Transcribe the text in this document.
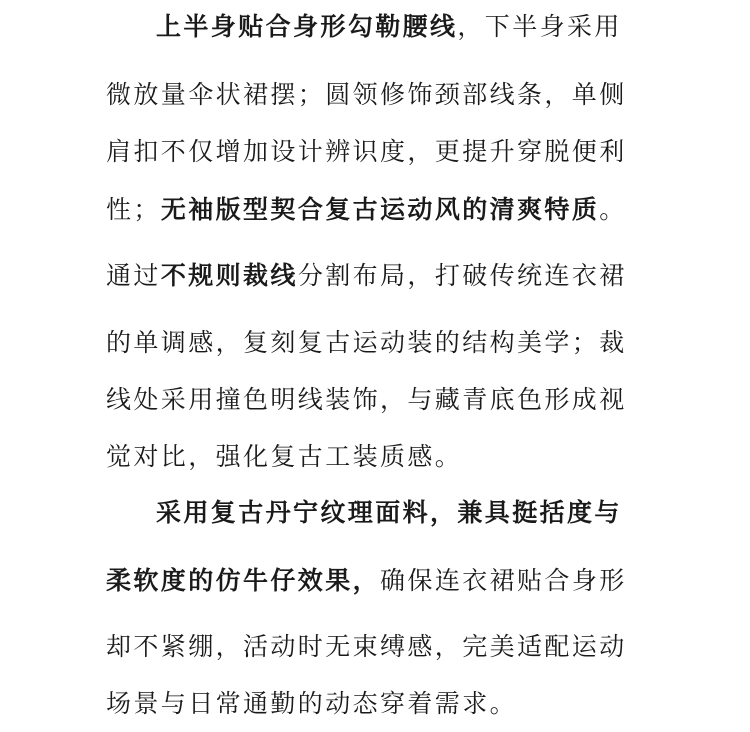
上半身贴合身形勾勒腰线，下半身采用
微放量伞状裙摆；圆领修饰颈部线条，单侧
肩扣不仅增加设计辨识度，更提升穿脱便利
性；无袖版型契合复古运动风的清爽特质。
通过不规则裁线分割布局，打破传统连衣裙
的单调感，复刻复古运动装的结构美学；裁
线处采用撞色明线装饰，与藏青底色形成视
觉对比，强化复古工装质感。
采用复古丹宁纹理面料，兼具挺括度与
柔软度的仿牛仔效果，确保连衣裙贴合身形
却不紧绷，活动时无束缚感，完美适配运动
场景与日常通勤的动态穿着需求。
